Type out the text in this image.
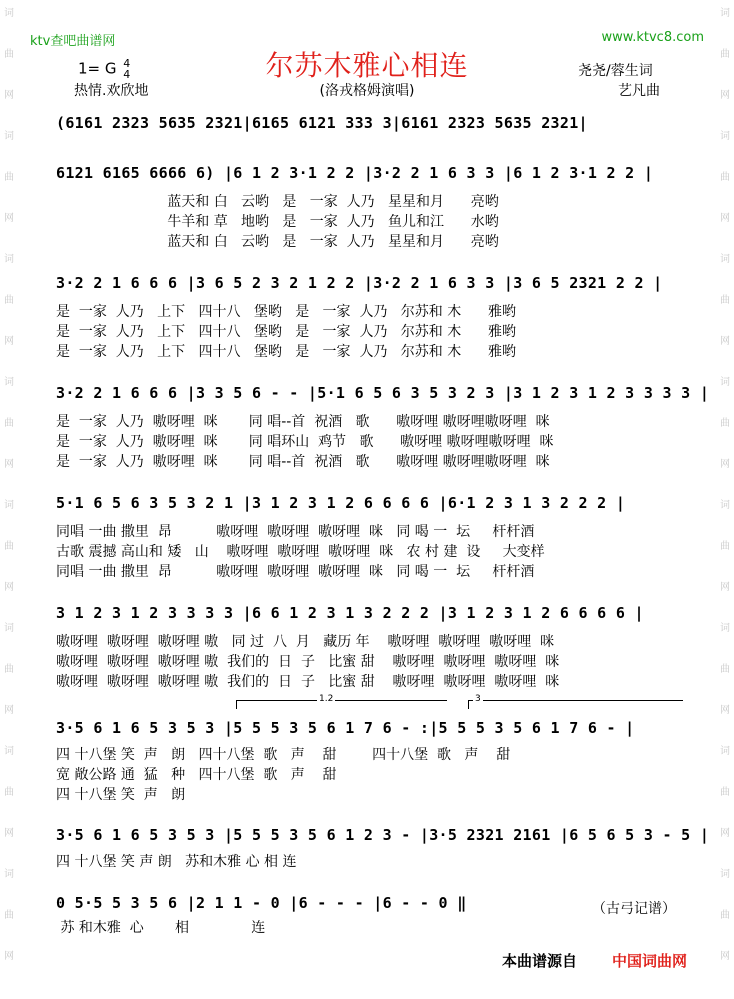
词
曲
网
词
曲
网
词
曲
网
词
曲
网
词
曲
网
词
曲
网
词
曲
网
词
曲
网
词
曲
网
词
曲
网
词
曲
网
词
曲
网
词
曲
网
词
曲
网
词
曲
网
词
曲
网
ktv查吧曲谱网	www.ktvc8.com
尔苏木雅心相连
1= G 4
4
热情.欢欣地	(洛戎格姆演唱)
尧尧/蓉生词
艺凡曲
(6161 2323 5635 2321|6165 6121 333 3|6161 2323 5635 2321|
6121 6165 6666 6) |6 1 2 3·1 2 2 |3·2 2 1 6 3 3 |6 1 2 3·1 2 2 |
蓝天和 白   云哟   是   一家  人乃   星星和月      亮哟
牛羊和 草   地哟   是   一家  人乃   鱼儿和江      水哟
蓝天和 白   云哟   是   一家  人乃   星星和月      亮哟
3·2 2 1 6 6 6 |3 6 5 2 3 2 1 2 2 |3·2 2 1 6 3 3 |3 6 5 2321 2 2 |
是  一家  人乃   上下   四十八   堡哟   是   一家  人乃   尔苏和 木      雅哟
是  一家  人乃   上下   四十八   堡哟   是   一家  人乃   尔苏和 木      雅哟
是  一家  人乃   上下   四十八   堡哟   是   一家  人乃   尔苏和 木      雅哟
3·2 2 1 6 6 6 |3 3 5 6 - - |5·1 6 5 6 3 5 3 2 3 |3 1 2 3 1 2 3 3 3 3 |
是  一家  人乃  嗷呀哩  咪       同 唱--首  祝酒   歌      嗷呀哩 嗷呀哩嗷呀哩  咪
是  一家  人乃  嗷呀哩  咪       同 唱环山  鸡节   歌      嗷呀哩 嗷呀哩嗷呀哩  咪
是  一家  人乃  嗷呀哩  咪       同 唱--首  祝酒   歌      嗷呀哩 嗷呀哩嗷呀哩  咪
5·1 6 5 6 3 5 3 2 1 |3 1 2 3 1 2 6 6 6 6 |6·1 2 3 1 3 2 2 2 |
同唱 一曲 撒里  昂          嗷呀哩  嗷呀哩  嗷呀哩  咪   同 喝 一  坛     杆杆酒
古歌 震撼 高山和 矮   山    嗷呀哩  嗷呀哩  嗷呀哩  咪   农 村 建  设     大变样
同唱 一曲 撒里  昂          嗷呀哩  嗷呀哩  嗷呀哩  咪   同 喝 一  坛     杆杆酒
3 1 2 3 1 2 3 3 3 3 |6 6 1 2 3 1 3 2 2 2 |3 1 2 3 1 2 6 6 6 6 |
嗷呀哩  嗷呀哩  嗷呀哩 嗷   同 过  八  月   藏历 年    嗷呀哩  嗷呀哩  嗷呀哩  咪
嗷呀哩  嗷呀哩  嗷呀哩 嗷  我们的  日  子   比蜜 甜    嗷呀哩  嗷呀哩  嗷呀哩  咪
嗷呀哩  嗷呀哩  嗷呀哩 嗷  我们的  日  子   比蜜 甜    嗷呀哩  嗷呀哩  嗷呀哩  咪
3·5 6 1 6 5 3 5 3 |5 5 5 3 5 6 1 7 6 - :|5 5 5 3 5 6 1 7 6 - |
四 十八堡 笑  声   朗   四十八堡  歌   声    甜        四十八堡  歌   声    甜
宽 敞公路 通  猛   种   四十八堡  歌   声    甜
四 十八堡 笑  声   朗
3·5 6 1 6 5 3 5 3 |5 5 5 3 5 6 1 2 3 - |3·5 2321 2161 |6 5 6 5 3 - 5 |
四 十八堡 笑 声 朗   苏和木雅 心 相 连
0 5·5 5 3 5 6 |2 1 1 - 0 |6 - - - |6 - - 0 ‖
苏 和木雅  心       相              连
1.2	3
（古弓记谱）
本曲谱源自 中国词曲网
